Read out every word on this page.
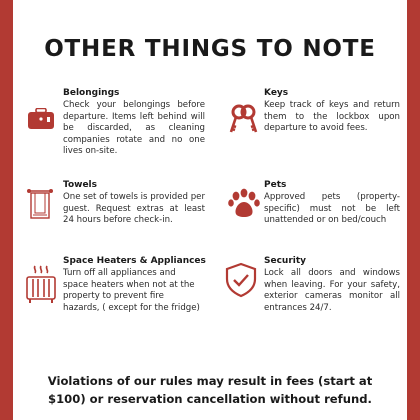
OTHER THINGS TO NOTE
Belongings

Check your belongings before departure. Items left behind will be discarded, as cleaning companies rotate and no one lives on-site.

Keys

Keep track of keys and return them to the lockbox upon departure to avoid fees.

Towels

One set of towels is provided per guest. Request extras at least 24 hours before check-in.

Pets

Approved pets (property-specific) must not be left unattended or on bed/couch

Space Heaters & Appliances

Turn off all appliances and space heaters when not at the property to prevent fire hazards, ( except for the fridge)

Security

Lock all doors and windows when leaving. For your safety, exterior cameras monitor all entrances 24/7.

Violations of our rules may result in fees (start at
$100) or reservation cancellation without refund.
